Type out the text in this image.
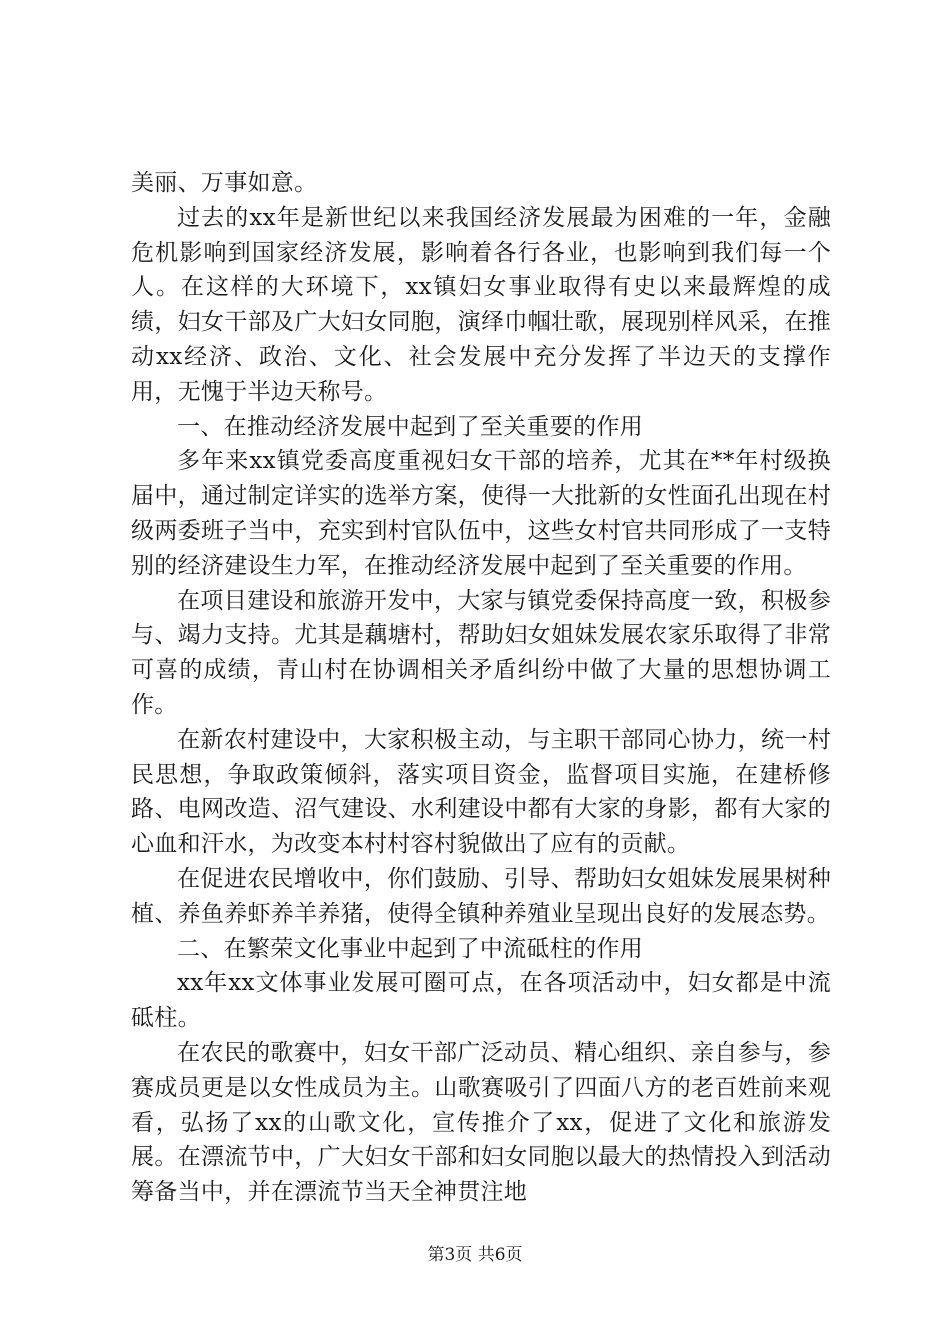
美丽、万事如意。

过去的xx年是新世纪以来我国经济发展最为困难的一年，金融危机影响到国家经济发展，影响着各行各业，也影响到我们每一个人。在这样的大环境下，xx镇妇女事业取得有史以来最辉煌的成绩，妇女干部及广大妇女同胞，演绎巾帼壮歌，展现别样风采，在推动xx经济、政治、文化、社会发展中充分发挥了半边天的支撑作用，无愧于半边天称号。

一、在推动经济发展中起到了至关重要的作用

多年来xx镇党委高度重视妇女干部的培养，尤其在**年村级换届中，通过制定详实的选举方案，使得一大批新的女性面孔出现在村级两委班子当中，充实到村官队伍中，这些女村官共同形成了一支特别的经济建设生力军，在推动经济发展中起到了至关重要的作用。

在项目建设和旅游开发中，大家与镇党委保持高度一致，积极参与、竭力支持。尤其是藕塘村，帮助妇女姐妹发展农家乐取得了非常可喜的成绩，青山村在协调相关矛盾纠纷中做了大量的思想协调工作。

在新农村建设中，大家积极主动，与主职干部同心协力，统一村民思想，争取政策倾斜，落实项目资金，监督项目实施，在建桥修路、电网改造、沼气建设、水利建设中都有大家的身影，都有大家的心血和汗水，为改变本村村容村貌做出了应有的贡献。

在促进农民增收中，你们鼓励、引导、帮助妇女姐妹发展果树种植、养鱼养虾养羊养猪，使得全镇种养殖业呈现出良好的发展态势。

二、在繁荣文化事业中起到了中流砥柱的作用

xx年xx文体事业发展可圈可点，在各项活动中，妇女都是中流砥柱。

在农民的歌赛中，妇女干部广泛动员、精心组织、亲自参与，参赛成员更是以女性成员为主。山歌赛吸引了四面八方的老百姓前来观看，弘扬了xx的山歌文化，宣传推介了xx，促进了文化和旅游发展。在漂流节中，广大妇女干部和妇女同胞以最大的热情投入到活动筹备当中，并在漂流节当天全神贯注地

第3页 共6页
